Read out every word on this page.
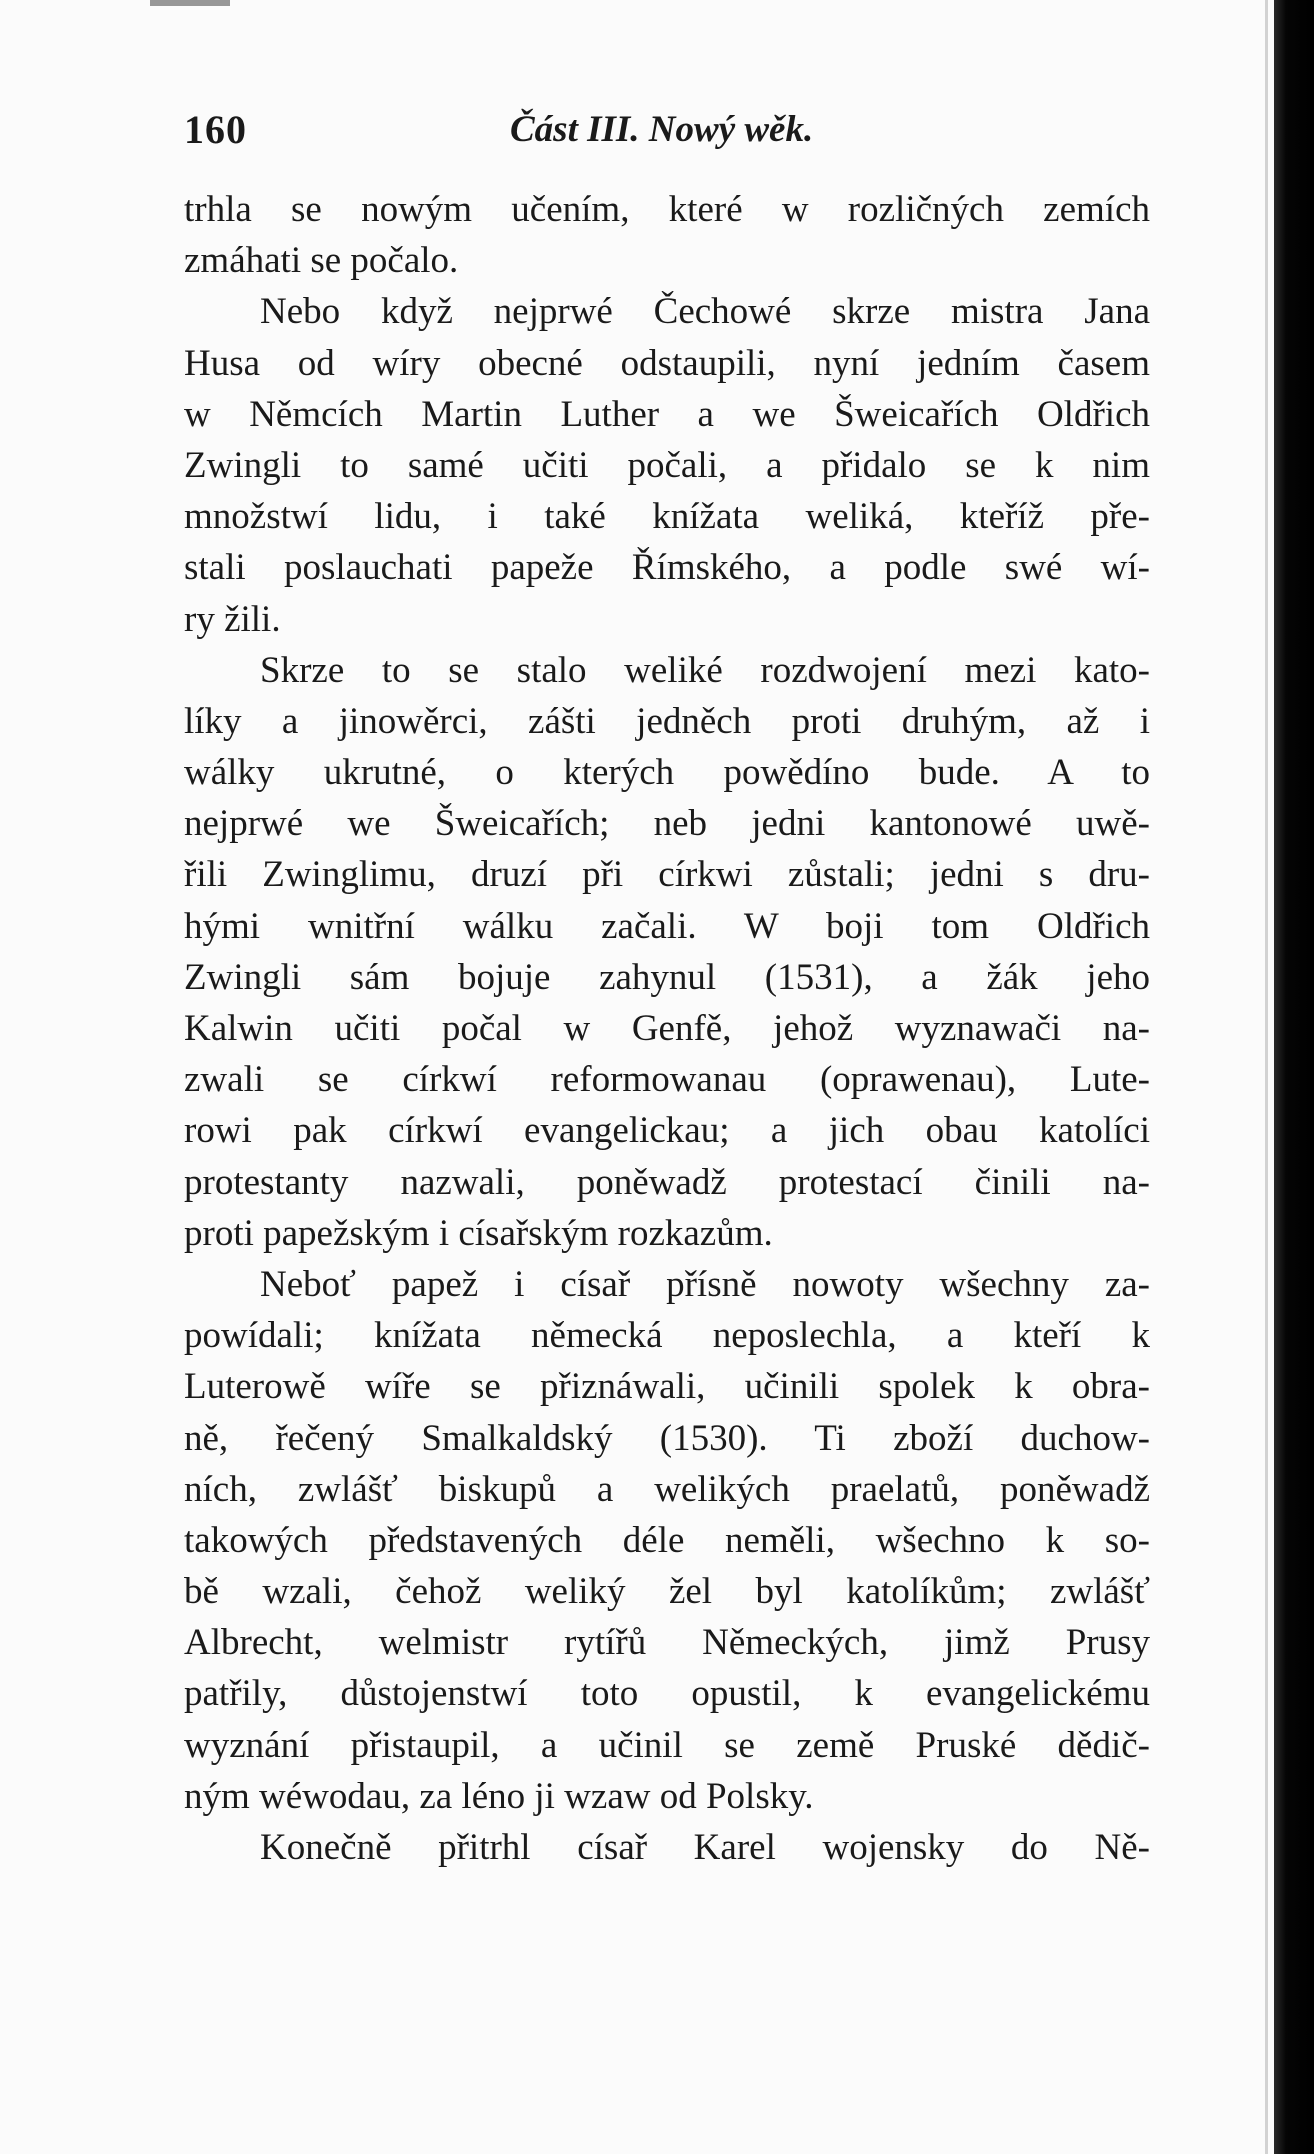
160	Část III. Nowý wěk.
trhla se nowým učením, které w rozličných zemích
zmáhati se počalo.
Nebo když nejprwé Čechowé skrze mistra Jana
Husa od wíry obecné odstaupili, nyní jedním časem
w Němcích Martin Luther a we Šweicařích Oldřich
Zwingli to samé učiti počali, a přidalo se k nim
množstwí lidu, i také knížata weliká, kteříž pře-
stali poslauchati papeže Římského, a podle swé wí-
ry žili.
Skrze to se stalo weliké rozdwojení mezi kato-
líky a jinowěrci, zášti jedněch proti druhým, až i
wálky ukrutné, o kterých powědíno bude. A to
nejprwé we Šweicařích; neb jedni kantonowé uwě-
řili Zwinglimu, druzí při církwi zůstali; jedni s dru-
hými wnitřní wálku začali. W boji tom Oldřich
Zwingli sám bojuje zahynul (1531), a žák jeho
Kalwin učiti počal w Genfě, jehož wyznawači na-
zwali se církwí reformowanau (oprawenau), Lute-
rowi pak církwí evangelickau; a jich obau katolíci
protestanty nazwali, poněwadž protestací činili na-
proti papežským i císařským rozkazům.
Neboť papež i císař přísně nowoty wšechny za-
powídali; knížata německá neposlechla, a kteří k
Luterowě wíře se přiznáwali, učinili spolek k obra-
ně, řečený Smalkaldský (1530). Ti zboží duchow-
ních, zwlášť biskupů a welikých praelatů, poněwadž
takowých představených déle neměli, wšechno k so-
bě wzali, čehož weliký žel byl katolíkům; zwlášť
Albrecht, welmistr rytířů Německých, jimž Prusy
patřily, důstojenstwí toto opustil, k evangelickému
wyznání přistaupil, a učinil se země Pruské dědič-
ným wéwodau, za léno ji wzaw od Polsky.
Konečně přitrhl císař Karel wojensky do Ně-
